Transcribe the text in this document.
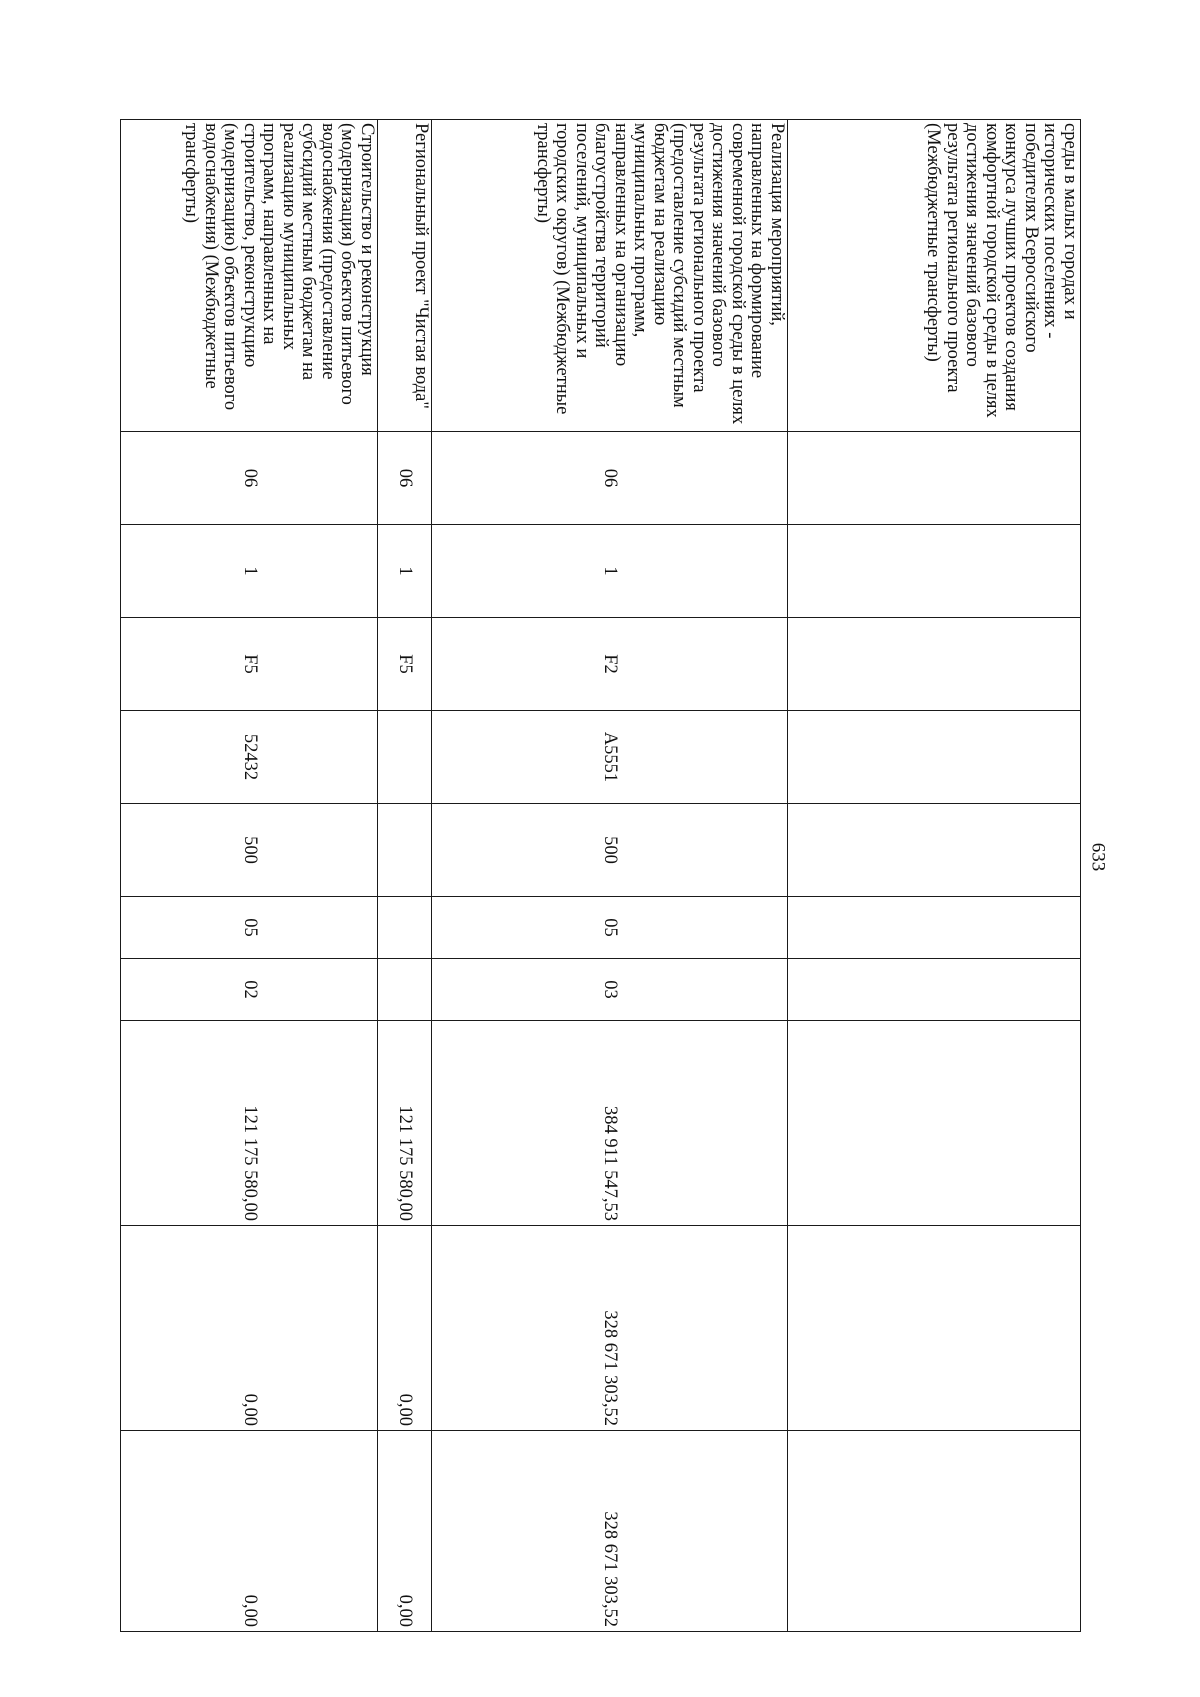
633
среды в малых городах и исторических поселениях - победителях Всероссийского конкурса лучших проектов создания комфортной городской среды в целях достижения значений базового результата регионального проекта (Межбюджетные трансферты)										
Реализация мероприятий, направленных на формирование современной городской среды в целях достижения значений базового результата регионального проекта (предоставление субсидий местным бюджетам на реализацию муниципальных программ, направленных на организацию благоустройства территорий поселений, муниципальных и городских округов) (Межбюджетные трансферты)	06	1	F2	A5551	500	05	03	384 911 547,53	328 671 303,52	328 671 303,52
Региональный проект "Чистая вода"	06	1	F5					121 175 580,00	0,00	0,00
Строительство и реконструкция (модернизация) объектов питьевого водоснабжения (предоставление субсидий местным бюджетам на реализацию муниципальных программ, направленных на строительство, реконструкцию (модернизацию) объектов питьевого водоснабжения) (Межбюджетные трансферты)	06	1	F5	52432	500	05	02	121 175 580,00	0,00	0,00
